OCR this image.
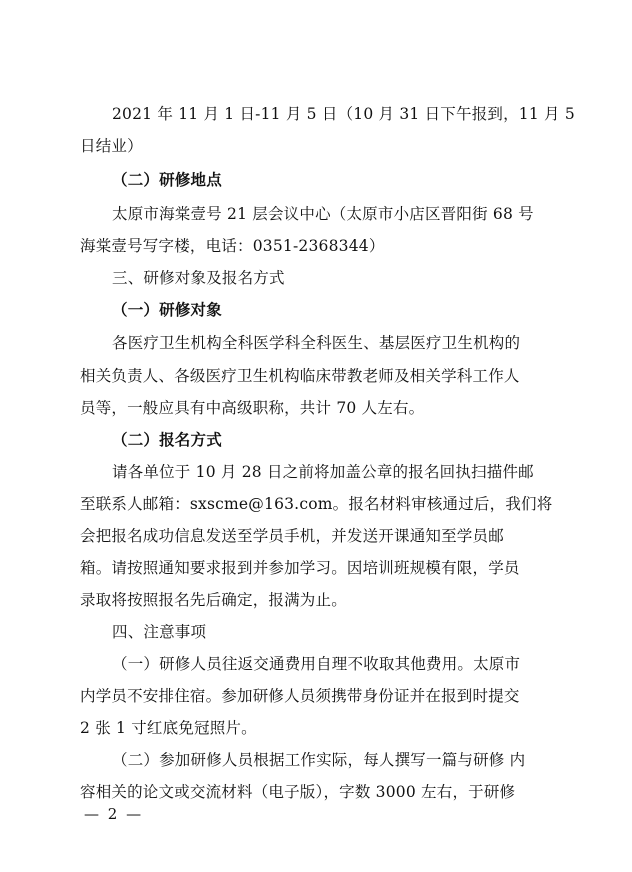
2021 年 11 月 1 日-11 月 5 日（10 月 31 日下午报到，11 月 5
日结业）
（二）研修地点
太原市海棠壹号 21 层会议中心（太原市小店区晋阳街 68 号
海棠壹号写字楼，电话：0351-2368344）
三、研修对象及报名方式
（一）研修对象
各医疗卫生机构全科医学科全科医生、基层医疗卫生机构的
相关负责人、各级医疗卫生机构临床带教老师及相关学科工作人
员等，一般应具有中高级职称，共计 70 人左右。
（二）报名方式
请各单位于 10 月 28 日之前将加盖公章的报名回执扫描件邮
至联系人邮箱：sxscme@163.com。报名材料审核通过后，我们将
会把报名成功信息发送至学员手机，并发送开课通知至学员邮
箱。请按照通知要求报到并参加学习。因培训班规模有限，学员
录取将按照报名先后确定，报满为止。
四、注意事项
（一）研修人员往返交通费用自理不收取其他费用。太原市
内学员不安排住宿。参加研修人员须携带身份证并在报到时提交
2 张 1 寸红底免冠照片。
（二）参加研修人员根据工作实际，每人撰写一篇与研修 内
容相关的论文或交流材料（电子版），字数 3000 左右，于研修
— 2 —
